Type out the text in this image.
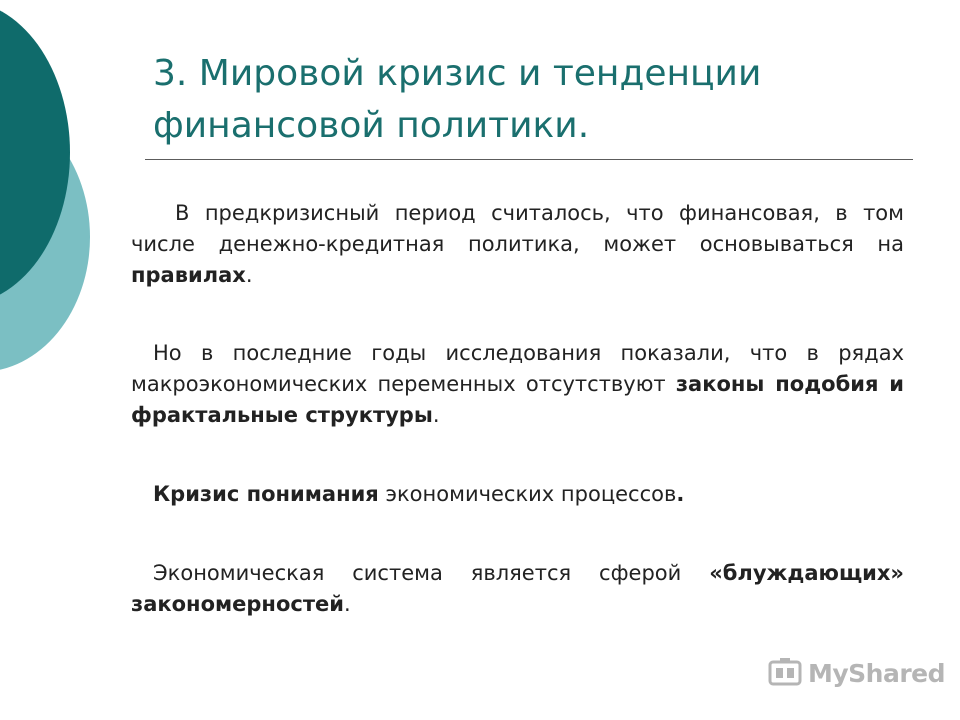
3. Мировой кризис и тенденции финансовой политики.
В предкризисный период считалось, что финансовая, в том числе денежно-кредитная политика, может основываться на правилах.
Но в последние годы исследования показали, что в рядах макроэкономических переменных отсутствуют законы подобия и фрактальные структуры.
Кризис понимания экономических процессов.
Экономическая система является сферой «блуждающих» закономерностей.
MyShared
